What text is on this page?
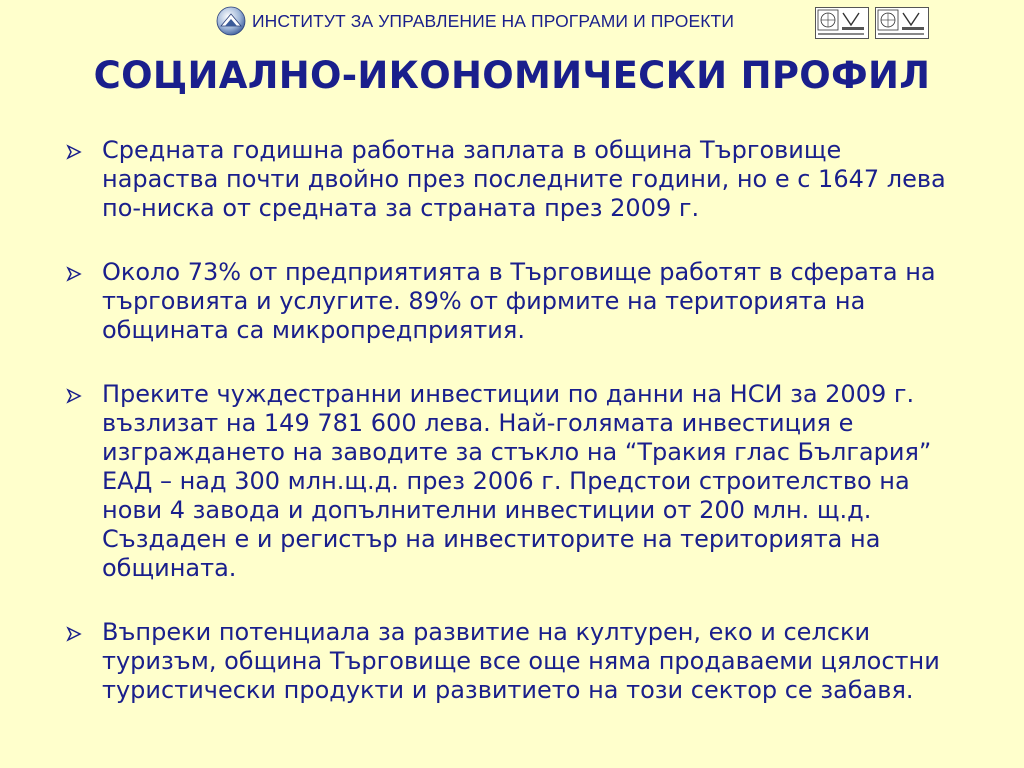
ИНСТИТУТ ЗА УПРАВЛЕНИЕ НА ПРОГРАМИ И ПРОЕКТИ
СОЦИАЛНО-ИКОНОМИЧЕСКИ ПРОФИЛ
Средната годишна работна заплата в община Търговище нараства почти двойно през последните години, но е с 1647 лева по-ниска от средната за страната през 2009 г.
Около 73% от предприятията в Търговище работят в сферата на търговията и услугите. 89% от фирмите на територията на общината са микропредприятия.
Преките чуждестранни инвестиции по данни на НСИ за 2009 г. възлизат на 149 781 600 лева. Най-голямата инвестиция е изграждането на заводите за стъкло на “Тракия глас България” ЕАД – над 300 млн.щ.д. през 2006 г. Предстои строителство на нови 4 завода и допълнителни инвестиции от 200 млн. щ.д. Създаден е и регистър на инвеститорите на територията на общината.
Въпреки потенциала за развитие на културен, еко и селски туризъм, община Търговище все още няма продаваеми цялостни туристически продукти и развитието на този сектор се забавя.
